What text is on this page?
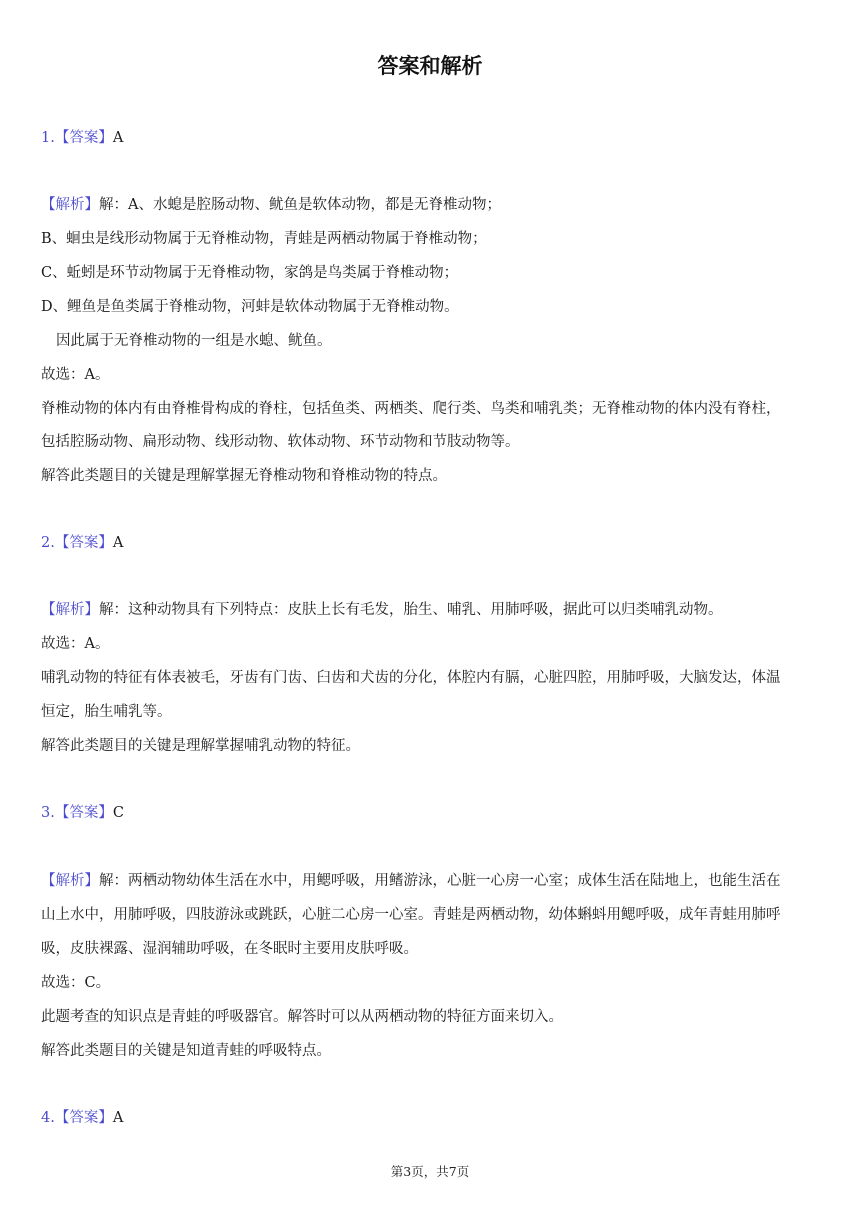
答案和解析
1.【答案】A
【解析】解：A、水螅是腔肠动物、鱿鱼是软体动物，都是无脊椎动物；
B、蛔虫是线形动物属于无脊椎动物，青蛙是两栖动物属于脊椎动物；
C、蚯蚓是环节动物属于无脊椎动物，家鸽是鸟类属于脊椎动物；
D、鲤鱼是鱼类属于脊椎动物，河蚌是软体动物属于无脊椎动物。
因此属于无脊椎动物的一组是水螅、鱿鱼。
故选：A。
脊椎动物的体内有由脊椎骨构成的脊柱，包括鱼类、两栖类、爬行类、鸟类和哺乳类；无脊椎动物的体内没有脊柱，
包括腔肠动物、扁形动物、线形动物、软体动物、环节动物和节肢动物等。
解答此类题目的关键是理解掌握无脊椎动物和脊椎动物的特点。
2.【答案】A
【解析】解：这种动物具有下列特点：皮肤上长有毛发，胎生、哺乳、用肺呼吸，据此可以归类哺乳动物。
故选：A。
哺乳动物的特征有体表被毛，牙齿有门齿、臼齿和犬齿的分化，体腔内有膈，心脏四腔，用肺呼吸，大脑发达，体温
恒定，胎生哺乳等。
解答此类题目的关键是理解掌握哺乳动物的特征。
3.【答案】C
【解析】解：两栖动物幼体生活在水中，用鳃呼吸，用鳍游泳，心脏一心房一心室；成体生活在陆地上，也能生活在
山上水中，用肺呼吸，四肢游泳或跳跃，心脏二心房一心室。青蛙是两栖动物，幼体蝌蚪用鳃呼吸，成年青蛙用肺呼
吸，皮肤裸露、湿润辅助呼吸，在冬眠时主要用皮肤呼吸。
故选：C。
此题考查的知识点是青蛙的呼吸器官。解答时可以从两栖动物的特征方面来切入。
解答此类题目的关键是知道青蛙的呼吸特点。
4.【答案】A
第3页，共7页
